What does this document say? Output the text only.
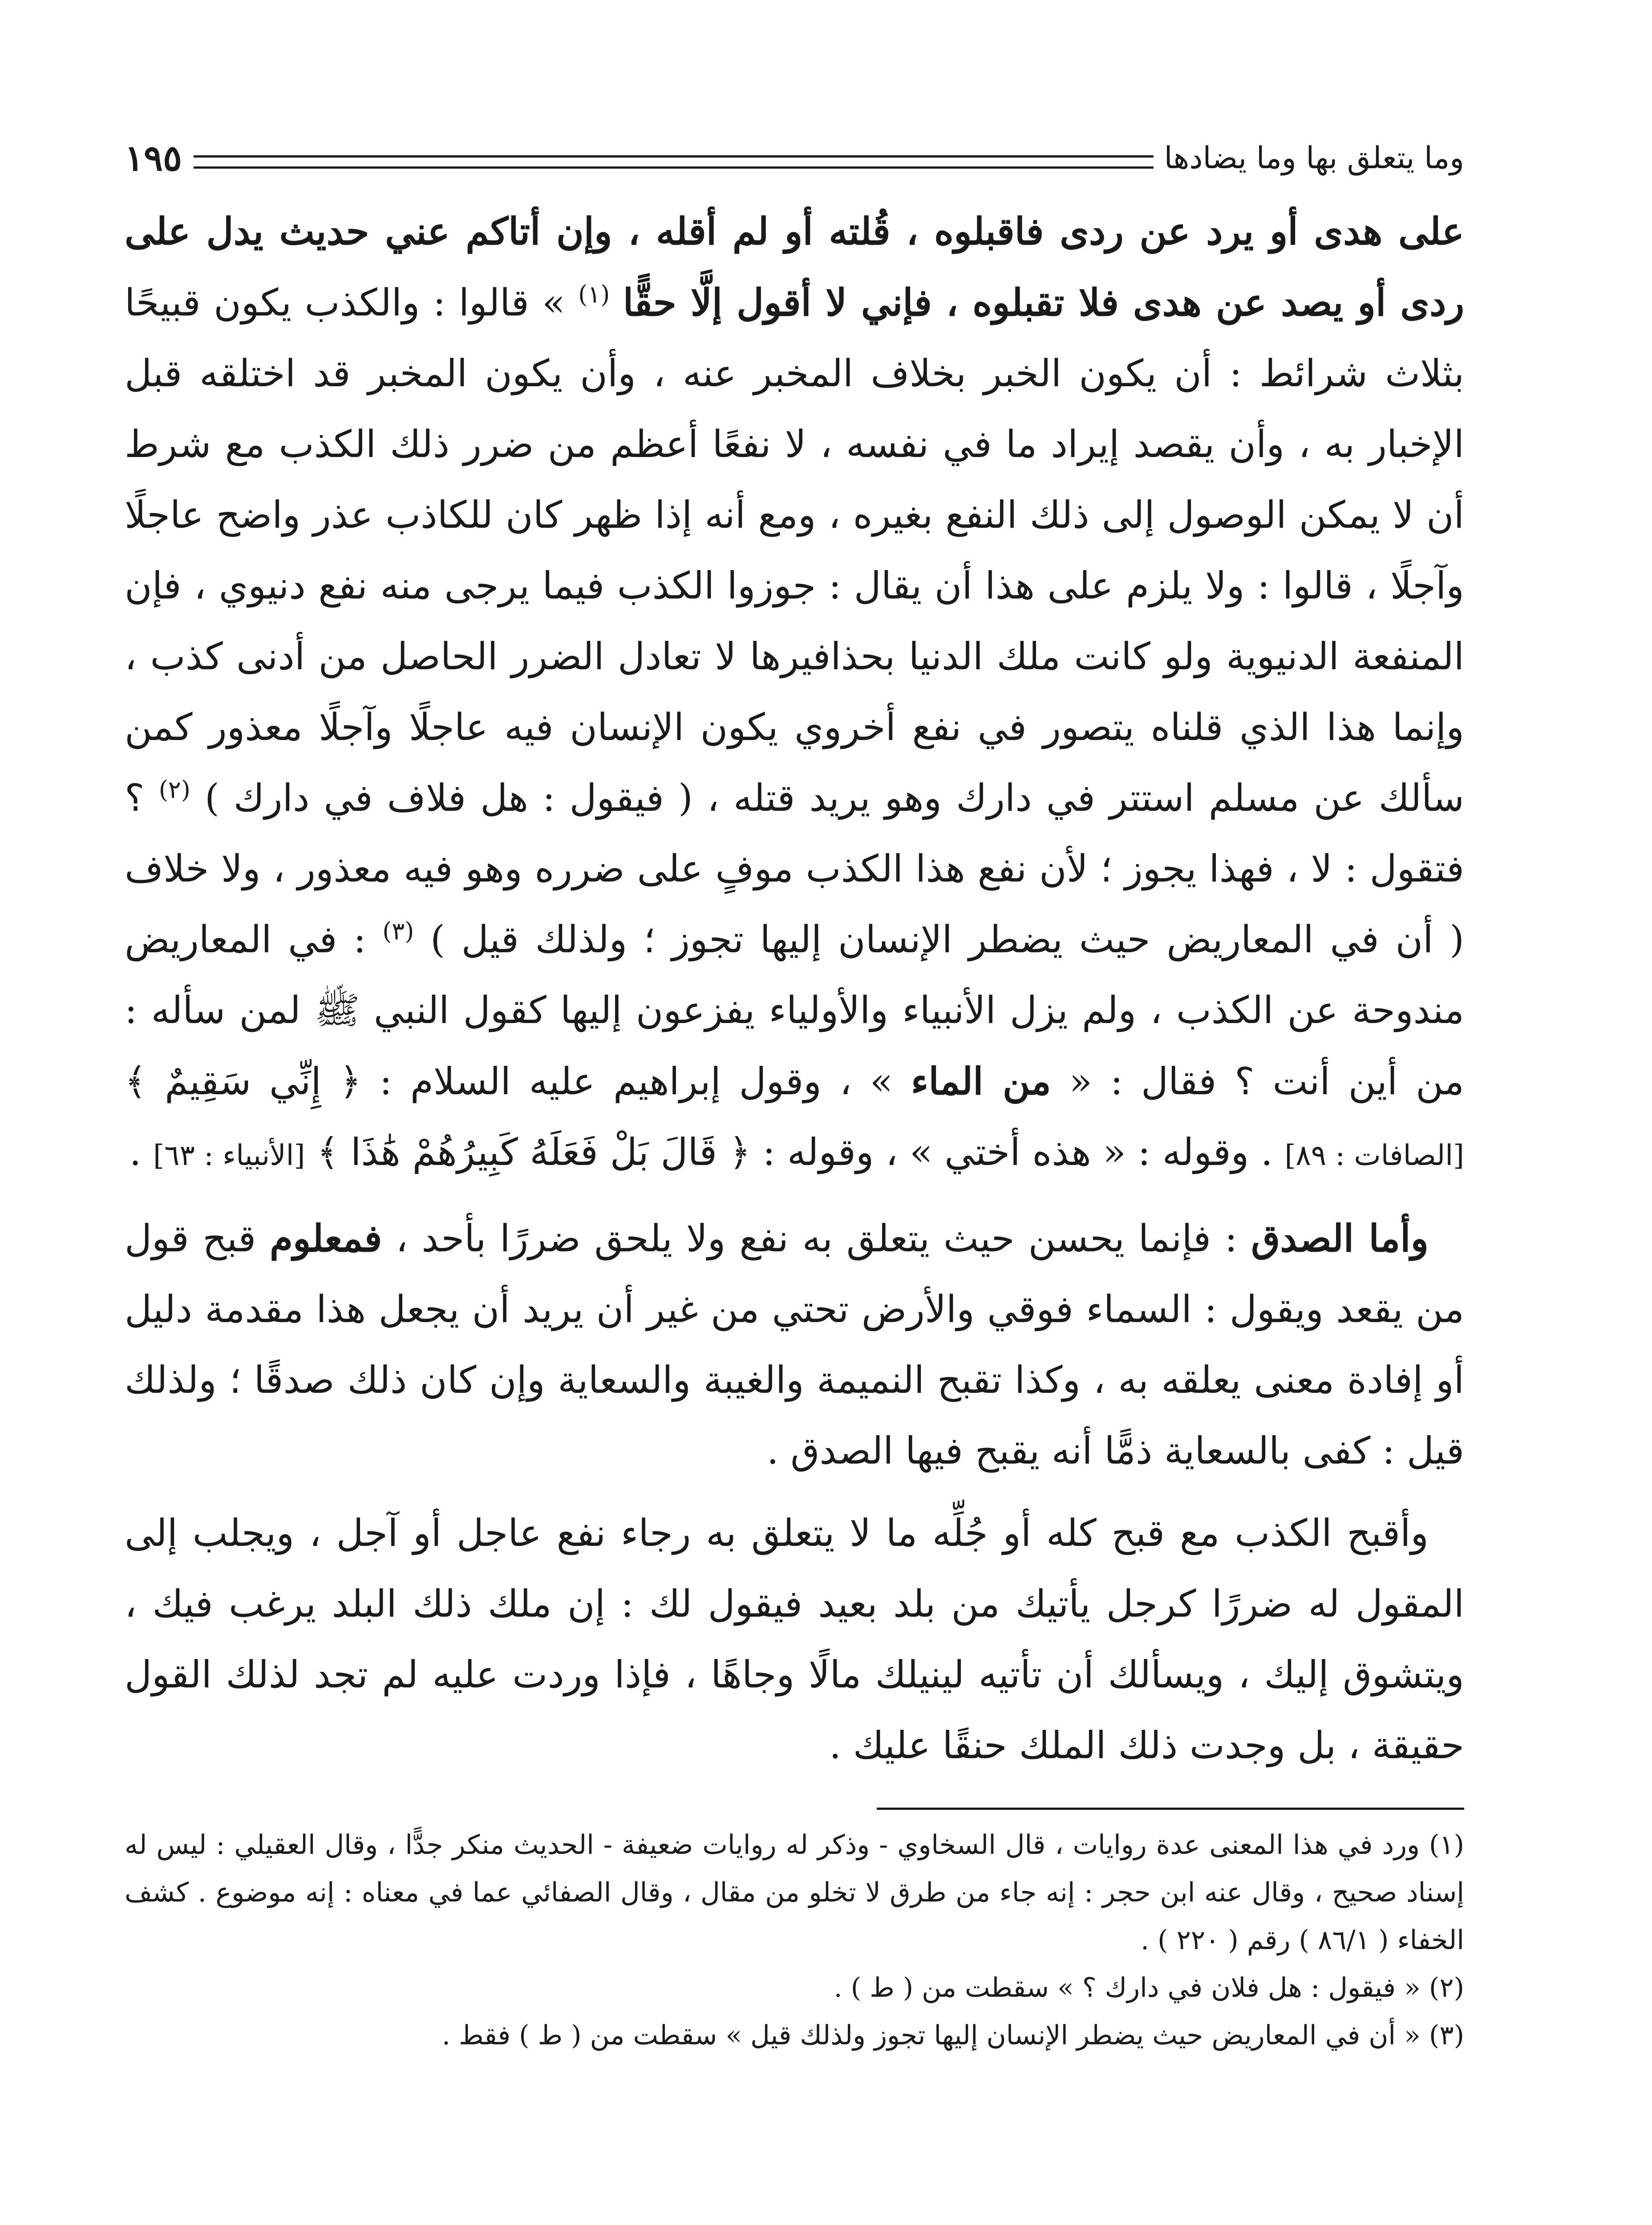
وما يتعلق بها وما يضادها
١٩٥

على هدى أو يرد عن ردى فاقبلوه ، قُلته أو لم أقله ، وإن أتاكم عني حديث يدل على ردى أو يصد عن هدى فلا تقبلوه ، فإني لا أقول إلَّا حقًّا $^{(١)}$ » قالوا : والكذب يكون قبيحًا بثلاث شرائط : أن يكون الخبر بخلاف المخبر عنه ، وأن يكون المخبر قد اختلقه قبل الإخبار به ، وأن يقصد إيراد ما في نفسه ، لا نفعًا أعظم من ضرر ذلك الكذب مع شرط أن لا يمكن الوصول إلى ذلك النفع بغيره ، ومع أنه إذا ظهر كان للكاذب عذر واضح عاجلًا وآجلًا ، قالوا : ولا يلزم على هذا أن يقال : جوزوا الكذب فيما يرجى منه نفع دنيوي ، فإن المنفعة الدنيوية ولو كانت ملك الدنيا بحذافيرها لا تعادل الضرر الحاصل من أدنى كذب ، وإنما هذا الذي قلناه يتصور في نفع أخروي يكون الإنسان فيه عاجلًا وآجلًا معذور كمن سألك عن مسلم استتر في دارك وهو يريد قتله ، ( فيقول : هل فلاف في دارك ) $^{(٢)}$ ؟ فتقول : لا ، فهذا يجوز ؛ لأن نفع هذا الكذب موفٍ على ضرره وهو فيه معذور ، ولا خلاف ( أن في المعاريض حيث يضطر الإنسان إليها تجوز ؛ ولذلك قيل ) $^{(٣)}$ : في المعاريض مندوحة عن الكذب ، ولم يزل الأنبياء والأولياء يفزعون إليها كقول النبي ﷺ لمن سأله : من أين أنت ؟ فقال : « من الماء » ، وقول إبراهيم عليه السلام : ﴿ إِنِّي سَقِيمٌ ﴾ [الصافات : ٨٩] . وقوله : « هذه أختي » ، وقوله : ﴿ قَالَ بَلْ فَعَلَهُ كَبِيرُهُمْ هَٰذَا ﴾ [الأنبياء : ٦٣] .

وأما الصدق : فإنما يحسن حيث يتعلق به نفع ولا يلحق ضررًا بأحد ، فمعلوم قبح قول من يقعد ويقول : السماء فوقي والأرض تحتي من غير أن يريد أن يجعل هذا مقدمة دليل أو إفادة معنى يعلقه به ، وكذا تقبح النميمة والغيبة والسعاية وإن كان ذلك صدقًا ؛ ولذلك قيل : كفى بالسعاية ذمًّا أنه يقبح فيها الصدق .

وأقبح الكذب مع قبح كله أو جُلِّه ما لا يتعلق به رجاء نفع عاجل أو آجل ، ويجلب إلى المقول له ضررًا كرجل يأتيك من بلد بعيد فيقول لك : إن ملك ذلك البلد يرغب فيك ، ويتشوق إليك ، ويسألك أن تأتيه لينيلك مالًا وجاهًا ، فإذا وردت عليه لم تجد لذلك القول حقيقة ، بل وجدت ذلك الملك حنقًا عليك .

(١) ورد في هذا المعنى عدة روايات ، قال السخاوي - وذكر له روايات ضعيفة - الحديث منكر جدًّا ، وقال العقيلي : ليس له إسناد صحيح ، وقال عنه ابن حجر : إنه جاء من طرق لا تخلو من مقال ، وقال الصفائي عما في معناه : إنه موضوع . كشف الخفاء ( ٨٦/١ ) رقم ( ٢٢٠ ) .

(٢) « فيقول : هل فلان في دارك ؟ » سقطت من ( ط ) .

(٣) « أن في المعاريض حيث يضطر الإنسان إليها تجوز ولذلك قيل » سقطت من ( ط ) فقط .
